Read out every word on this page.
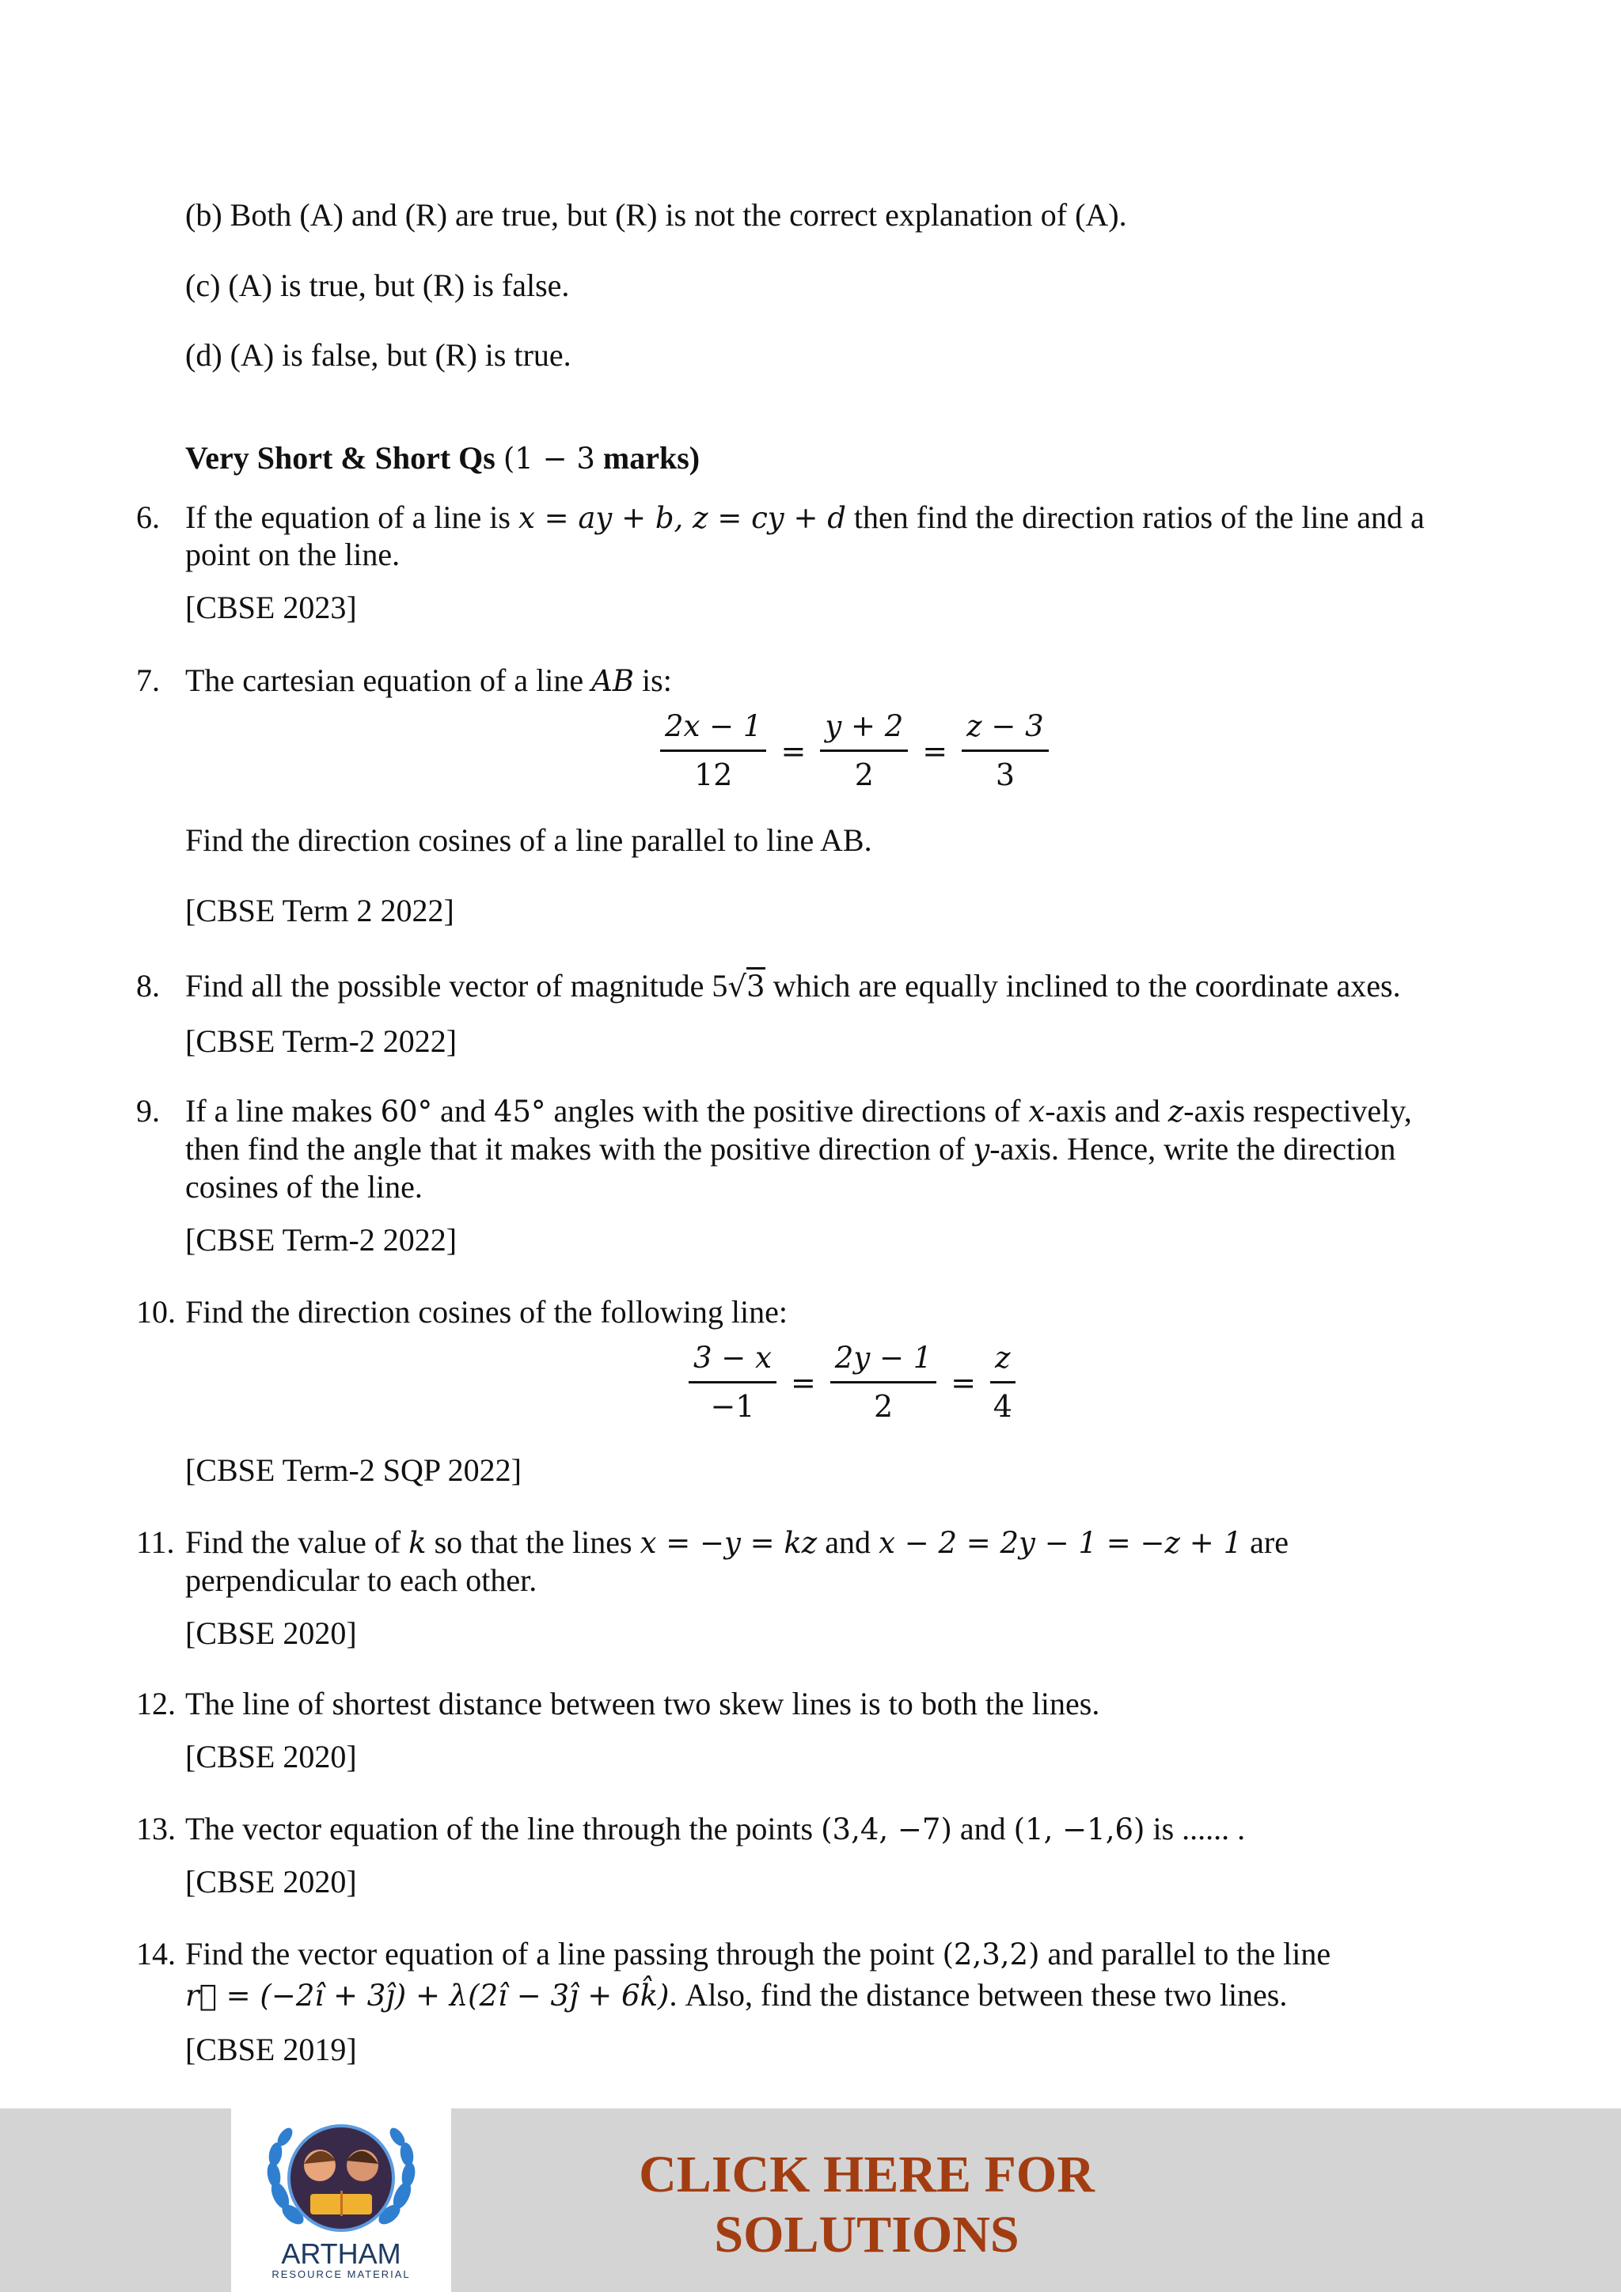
(b) Both (A) and (R) are true, but (R) is not the correct explanation of (A).
(c) (A) is true, but (R) is false.
(d) (A) is false, but (R) is true.
Very Short & Short Qs (1 − 3 marks)
6. If the equation of a line is x = ay + b, z = cy + d then find the direction ratios of the line and a
point on the line.
[CBSE 2023]
7. The cartesian equation of a line AB is:
$\frac{2x - 1}{12} = \frac{y + 2}{2} = \frac{z - 3}{3}$
Find the direction cosines of a line parallel to line AB.
[CBSE Term 2 2022]
8. Find all the possible vector of magnitude 5√3 which are equally inclined to the coordinate axes.
[CBSE Term-2 2022]
9. If a line makes 60° and 45° angles with the positive directions of x-axis and z-axis respectively,
then find the angle that it makes with the positive direction of y-axis. Hence, write the direction
cosines of the line.
[CBSE Term-2 2022]
10. Find the direction cosines of the following line:
$\frac{3 - x}{-1} = \frac{2y - 1}{2} = \frac{z}{4}$
[CBSE Term-2 SQP 2022]
11. Find the value of k so that the lines x = −y = kz and x − 2 = 2y − 1 = −z + 1 are
perpendicular to each other.
[CBSE 2020]
12. The line of shortest distance between two skew lines is to both the lines.
[CBSE 2020]
13. The vector equation of the line through the points (3,4, −7) and (1, −1,6) is ...... .
[CBSE 2020]
14. Find the vector equation of a line passing through the point (2,3,2) and parallel to the line
r⃗ = (−2î + 3ĵ) + λ(2î − 3ĵ + 6k̂). Also, find the distance between these two lines.
[CBSE 2019]
ARTHAM
RESOURCE MATERIAL
CLICK HERE FOR
SOLUTIONS
